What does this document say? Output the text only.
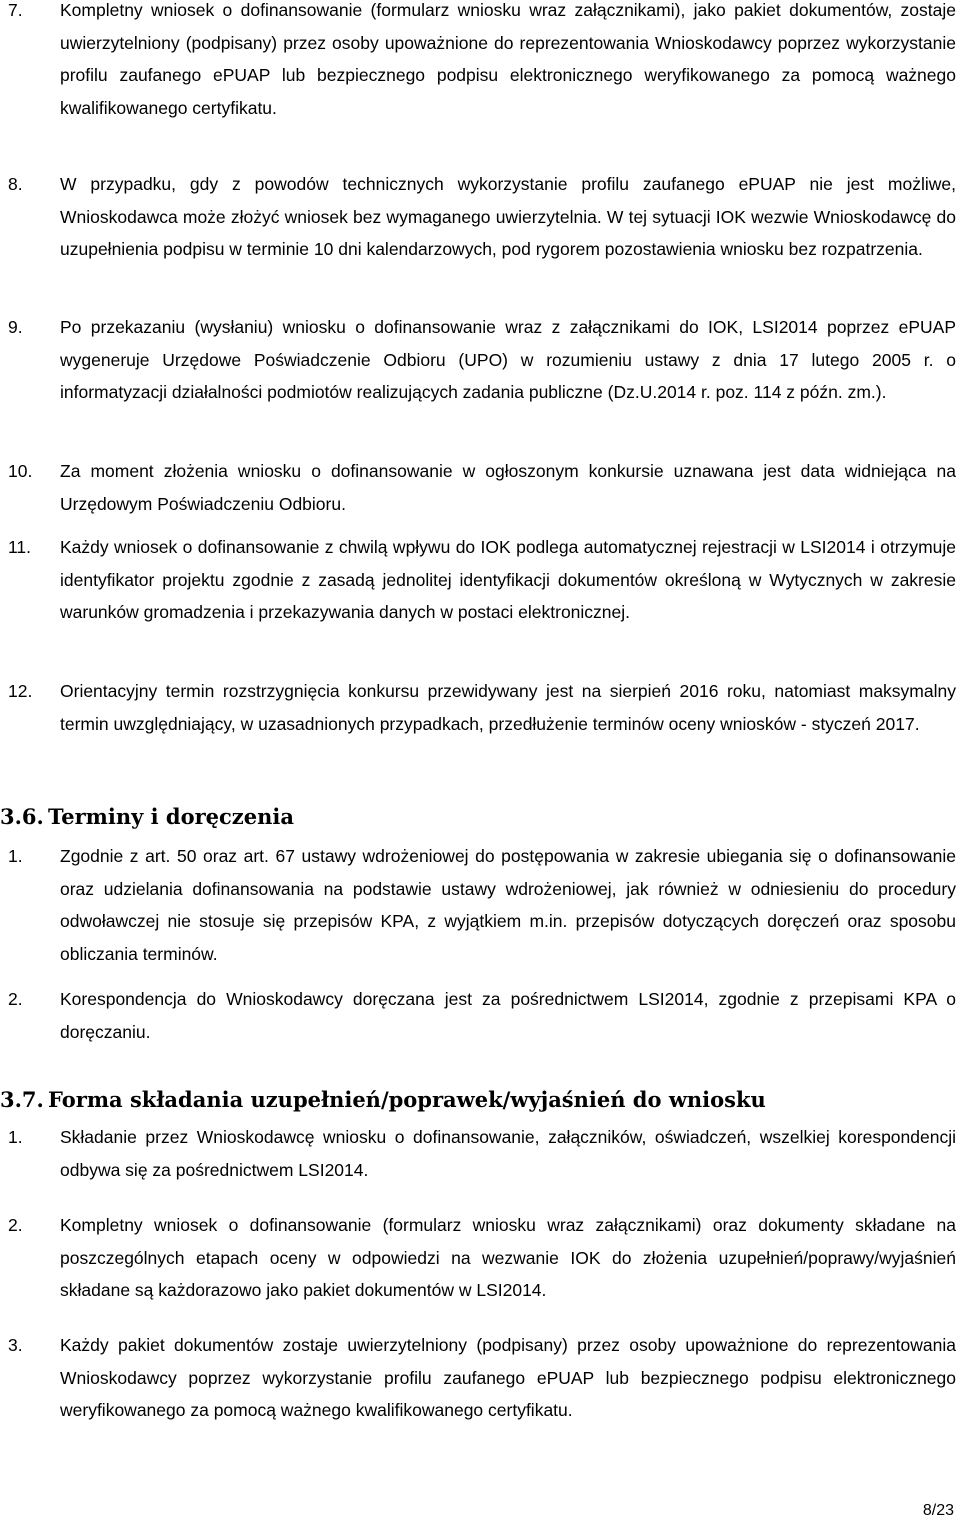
7. Kompletny wniosek o dofinansowanie (formularz wniosku wraz załącznikami), jako pakiet dokumentów, zostaje uwierzytelniony (podpisany) przez osoby upoważnione do reprezentowania Wnioskodawcy poprzez wykorzystanie profilu zaufanego ePUAP lub bezpiecznego podpisu elektronicznego weryfikowanego za pomocą ważnego kwalifikowanego certyfikatu.
8. W przypadku, gdy z powodów technicznych wykorzystanie profilu zaufanego ePUAP nie jest możliwe, Wnioskodawca może złożyć wniosek bez wymaganego uwierzytelnia. W tej sytuacji IOK wezwie Wnioskodawcę do uzupełnienia podpisu w terminie 10 dni kalendarzowych, pod rygorem pozostawienia wniosku bez rozpatrzenia.
9. Po przekazaniu (wysłaniu) wniosku o dofinansowanie wraz z załącznikami do IOK, LSI2014 poprzez ePUAP wygeneruje Urzędowe Poświadczenie Odbioru (UPO) w rozumieniu ustawy z dnia 17 lutego 2005 r. o informatyzacji działalności podmiotów realizujących zadania publiczne (Dz.U.2014 r. poz. 114 z późn. zm.).
10. Za moment złożenia wniosku o dofinansowanie w ogłoszonym konkursie uznawana jest data widniejąca na Urzędowym Poświadczeniu Odbioru.
11. Każdy wniosek o dofinansowanie z chwilą wpływu do IOK podlega automatycznej rejestracji w LSI2014 i otrzymuje identyfikator projektu zgodnie z zasadą jednolitej identyfikacji dokumentów określoną w Wytycznych w zakresie warunków gromadzenia i przekazywania danych w postaci elektronicznej.
12. Orientacyjny termin rozstrzygnięcia konkursu przewidywany jest na sierpień 2016 roku, natomiast maksymalny termin uwzględniający, w uzasadnionych przypadkach, przedłużenie terminów oceny wniosków - styczeń 2017.
3.6. Terminy i doręczenia
1. Zgodnie z art. 50 oraz art. 67 ustawy wdrożeniowej do postępowania w zakresie ubiegania się o dofinansowanie oraz udzielania dofinansowania na podstawie ustawy wdrożeniowej, jak również w odniesieniu do procedury odwoławczej nie stosuje się przepisów KPA, z wyjątkiem m.in. przepisów dotyczących doręczeń oraz sposobu obliczania terminów.
2. Korespondencja do Wnioskodawcy doręczana jest za pośrednictwem LSI2014, zgodnie z przepisami KPA o doręczaniu.
3.7. Forma składania uzupełnień/poprawek/wyjaśnień do wniosku
1. Składanie przez Wnioskodawcę wniosku o dofinansowanie, załączników, oświadczeń, wszelkiej korespondencji odbywa się za pośrednictwem LSI2014.
2. Kompletny wniosek o dofinansowanie (formularz wniosku wraz załącznikami) oraz dokumenty składane na poszczególnych etapach oceny w odpowiedzi na wezwanie IOK do złożenia uzupełnień/poprawy/wyjaśnień składane są każdorazowo jako pakiet dokumentów w LSI2014.
3. Każdy pakiet dokumentów zostaje uwierzytelniony (podpisany) przez osoby upoważnione do reprezentowania Wnioskodawcy poprzez wykorzystanie profilu zaufanego ePUAP lub bezpiecznego podpisu elektronicznego weryfikowanego za pomocą ważnego kwalifikowanego certyfikatu.
8/23
